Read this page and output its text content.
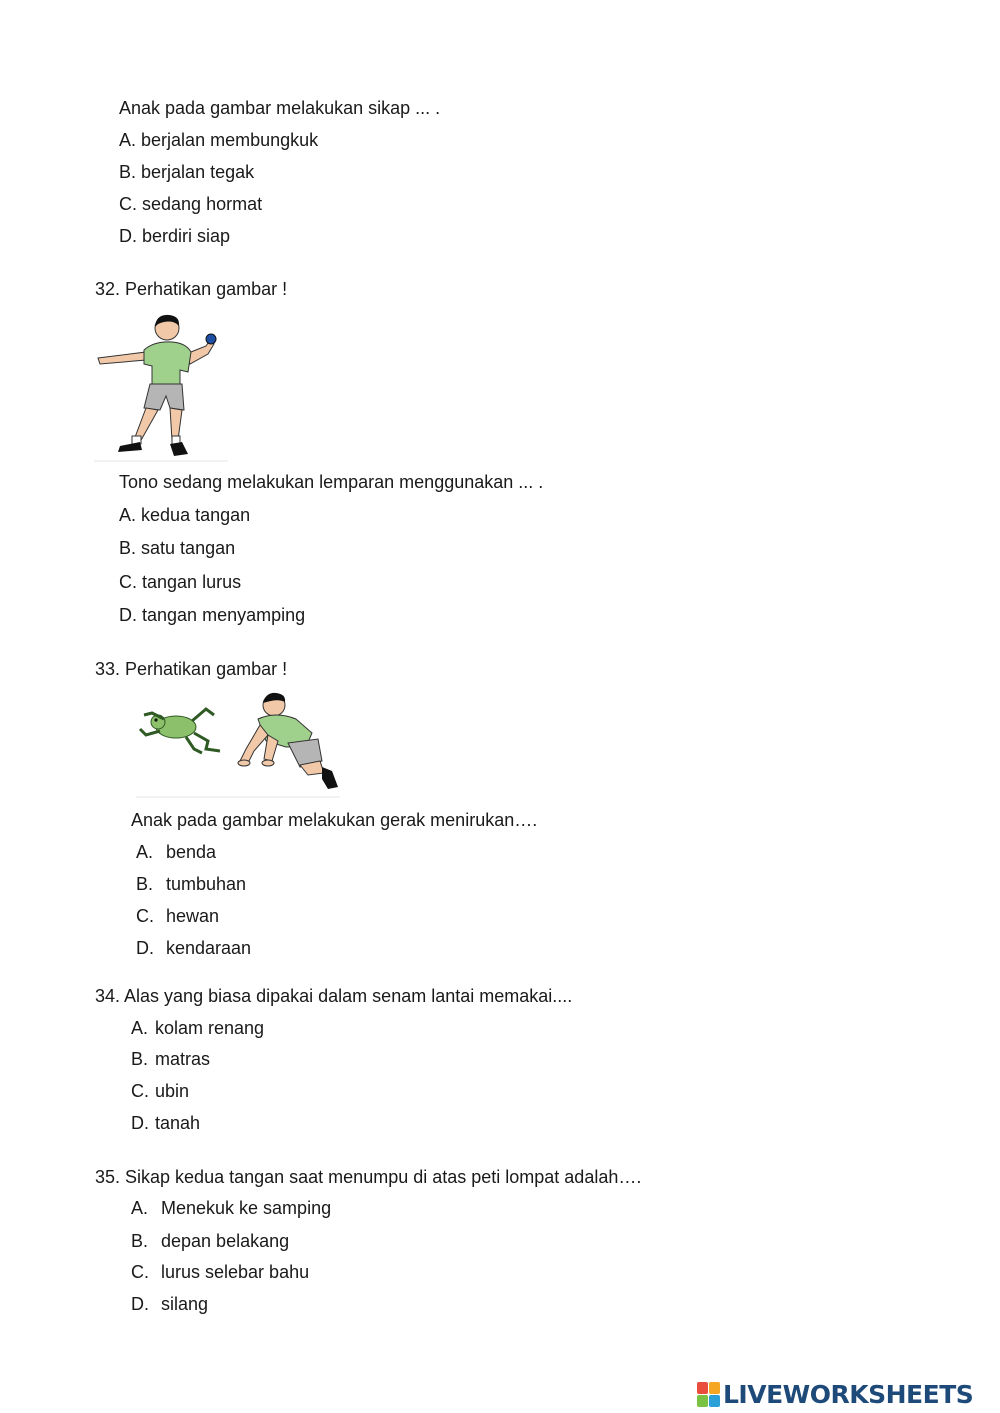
Anak pada gambar melakukan sikap ... .
A. berjalan membungkuk
B. berjalan tegak
C. sedang hormat
D. berdiri siap
32. Perhatikan gambar !
Tono sedang melakukan lemparan menggunakan ... .
A. kedua tangan
B. satu tangan
C. tangan lurus
D. tangan menyamping
33. Perhatikan gambar !
Anak pada gambar melakukan gerak menirukan….
A. benda
B. tumbuhan
C. hewan
D. kendaraan
34. Alas yang biasa dipakai dalam senam lantai memakai....
A. kolam renang
B. matras
C. ubin
D. tanah
35. Sikap kedua tangan saat menumpu di atas peti lompat adalah….
A. Menekuk ke samping
B. depan belakang
C. lurus selebar bahu
D. silang
LIVEWORKSHEETS
